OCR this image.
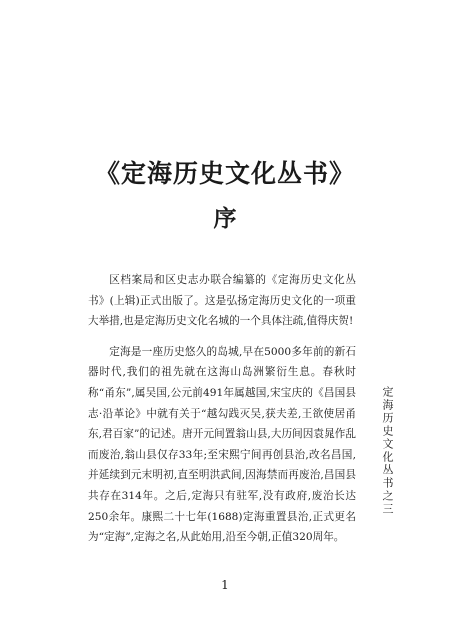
《定海历史文化丛书》
序

区档案局和区史志办联合编纂的《定海历史文化丛书》(上辑)正式出版了。这是弘扬定海历史文化的一项重大举措,也是定海历史文化名城的一个具体注疏,值得庆贺!

定海是一座历史悠久的岛城,早在5000多年前的新石器时代,我们的祖先就在这海山岛洲繁衍生息。春秋时称“甬东”,属吴国,公元前491年属越国,宋宝庆的《昌国县志·沿革论》中就有关于“越勾践灭吴,获夫差,王欲使居甬东,君百家”的记述。唐开元间置翁山县,大历间因袁晁作乱而废治,翁山县仅存33年;至宋熙宁间再创县治,改名昌国,并延续到元末明初,直至明洪武间,因海禁而再废治,昌国县共存在314年。之后,定海只有驻军,没有政府,废治长达250余年。康熙二十七年(1688)定海重置县治,正式更名为“定海”,定海之名,从此始用,沿至今朝,正值320周年。

定海历史文化丛书之三
1
